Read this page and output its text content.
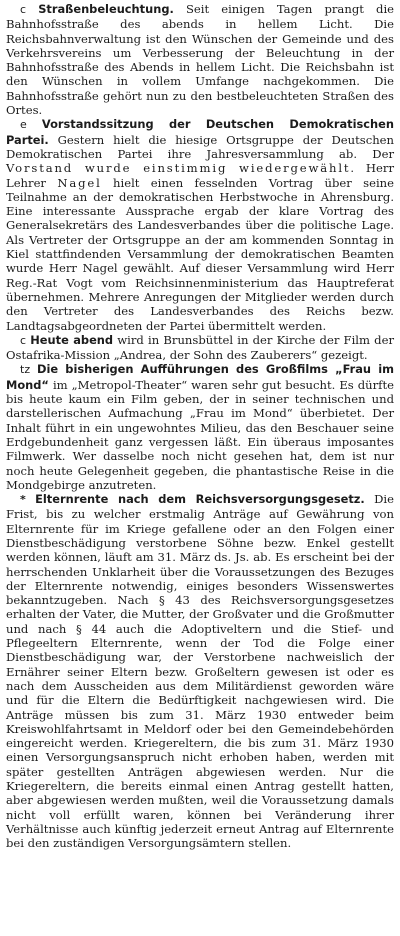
c Straßenbeleuchtung. Seit einigen Tagen prangt die Bahnhofsstraße des abends in hellem Licht. Die Reichsbahnverwaltung ist den Wünschen der Gemeinde und des Verkehrsvereins um Verbesserung der Beleuchtung in der Bahnhofsstraße des Abends in hellem Licht. Die Reichsbahn ist den Wünschen in vollem Umfange nachgekommen. Die Bahnhofsstraße gehört nun zu den bestbeleuchteten Straßen des Ortes.

e Vorstandssitzung der Deutschen Demokratischen Partei. Gestern hielt die hiesige Ortsgruppe der Deutschen Demokratischen Partei ihre Jahresversammlung ab. Der Vorstand wurde einstimmig wiedergewählt. Herr Lehrer Nagel hielt einen fesselnden Vortrag über seine Teilnahme an der demokratischen Herbstwoche in Ahrensburg. Eine interessante Aussprache ergab der klare Vortrag des Generalsekretärs des Landesverbandes über die politische Lage. Als Vertreter der Ortsgruppe an der am kommenden Sonntag in Kiel stattfindenden Versammlung der demokratischen Beamten wurde Herr Nagel gewählt. Auf dieser Versammlung wird Herr Reg.-Rat Vogt vom Reichsinnenministerium das Hauptreferat übernehmen. Mehrere Anregungen der Mitglieder werden durch den Vertreter des Landesverbandes des Reichs bezw. Landtagsabgeordneten der Partei übermittelt werden.

c Heute abend wird in Brunsbüttel in der Kirche der Film der Ostafrika-Mission „Andrea, der Sohn des Zauberers“ gezeigt.

tz Die bisherigen Aufführungen des Großfilms „Frau im Mond“ im „Metropol-Theater“ waren sehr gut besucht. Es dürfte bis heute kaum ein Film geben, der in seiner technischen und darstellerischen Aufmachung „Frau im Mond“ überbietet. Der Inhalt führt in ein ungewohntes Milieu, das den Beschauer seine Erdgebundenheit ganz vergessen läßt. Ein überaus imposantes Filmwerk. Wer dasselbe noch nicht gesehen hat, dem ist nur noch heute Gelegenheit gegeben, die phantastische Reise in die Mondgebirge anzutreten.

* Elternrente nach dem Reichsversorgungsgesetz. Die Frist, bis zu welcher erstmalig Anträge auf Gewährung von Elternrente für im Kriege gefallene oder an den Folgen einer Dienstbeschädigung verstorbene Söhne bezw. Enkel gestellt werden können, läuft am 31. März ds. Js. ab. Es erscheint bei der herrschenden Unklarheit über die Voraussetzungen des Bezuges der Elternrente notwendig, einiges besonders Wissenswertes bekanntzugeben. Nach § 43 des Reichsversorgungsgesetzes erhalten der Vater, die Mutter, der Großvater und die Großmutter und nach § 44 auch die Adoptiveltern und die Stief- und Pflegeeltern Elternrente, wenn der Tod die Folge einer Dienstbeschädigung war, der Verstorbene nachweislich der Ernährer seiner Eltern bezw. Großeltern gewesen ist oder es nach dem Ausscheiden aus dem Militärdienst geworden wäre und für die Eltern die Bedürftigkeit nachgewiesen wird. Die Anträge müssen bis zum 31. März 1930 entweder beim Kreiswohlfahrtsamt in Meldorf oder bei den Gemeindebehörden eingereicht werden. Kriegereltern, die bis zum 31. März 1930 einen Versorgungsanspruch nicht erhoben haben, werden mit später gestellten Anträgen abgewiesen werden. Nur die Kriegereltern, die bereits einmal einen Antrag gestellt hatten, aber abgewiesen werden mußten, weil die Voraussetzung damals nicht voll erfüllt waren, können bei Veränderung ihrer Verhältnisse auch künftig jederzeit erneut Antrag auf Elternrente bei den zuständigen Versorgungsämtern stellen.
